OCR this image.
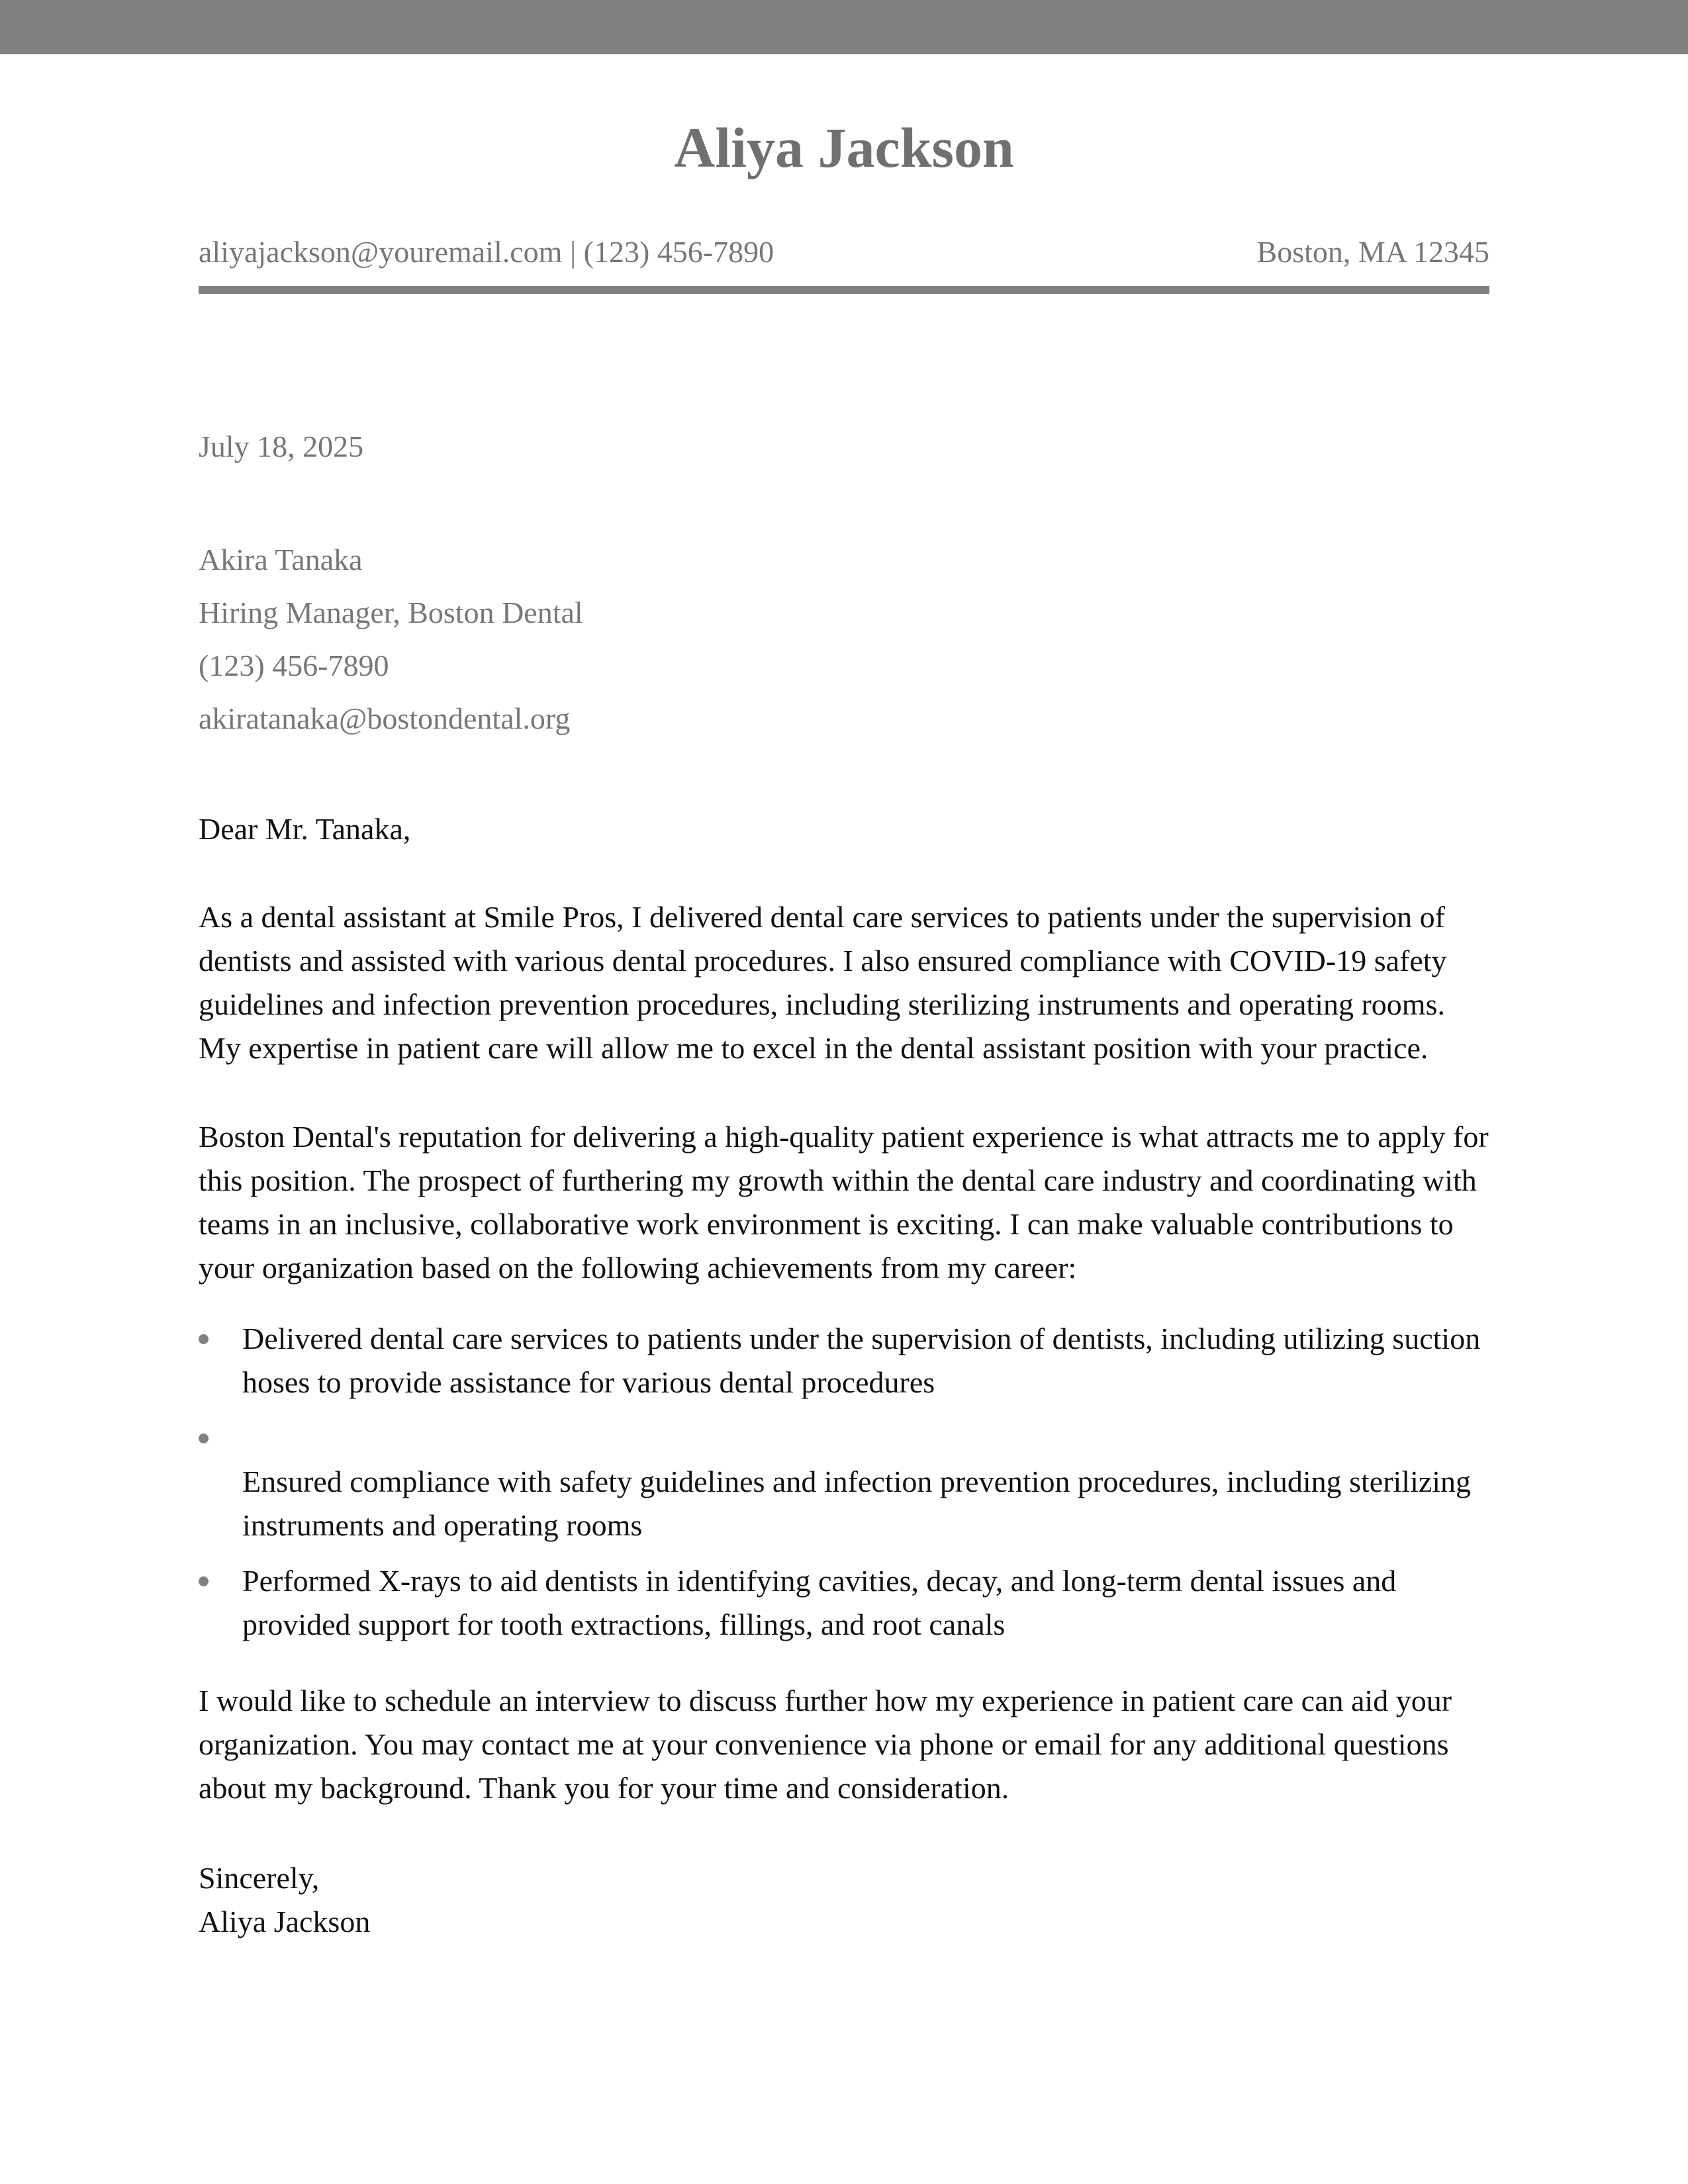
Aliya Jackson
aliyajackson@youremail.com | (123) 456-7890	Boston, MA 12345
July 18, 2025
Akira Tanaka
Hiring Manager, Boston Dental
(123) 456-7890
akiratanaka@bostondental.org
Dear Mr. Tanaka,
As a dental assistant at Smile Pros, I delivered dental care services to patients under the supervision of dentists and assisted with various dental procedures. I also ensured compliance with COVID-19 safety guidelines and infection prevention procedures, including sterilizing instruments and operating rooms. My expertise in patient care will allow me to excel in the dental assistant position with your practice.
Boston Dental's reputation for delivering a high-quality patient experience is what attracts me to apply for this position. The prospect of furthering my growth within the dental care industry and coordinating with teams in an inclusive, collaborative work environment is exciting. I can make valuable contributions to your organization based on the following achievements from my career:
Delivered dental care services to patients under the supervision of dentists, including utilizing suction hoses to provide assistance for various dental procedures
Ensured compliance with safety guidelines and infection prevention procedures, including sterilizing instruments and operating rooms
Performed X-rays to aid dentists in identifying cavities, decay, and long-term dental issues and provided support for tooth extractions, fillings, and root canals
I would like to schedule an interview to discuss further how my experience in patient care can aid your organization. You may contact me at your convenience via phone or email for any additional questions about my background. Thank you for your time and consideration.
Sincerely,
Aliya Jackson
